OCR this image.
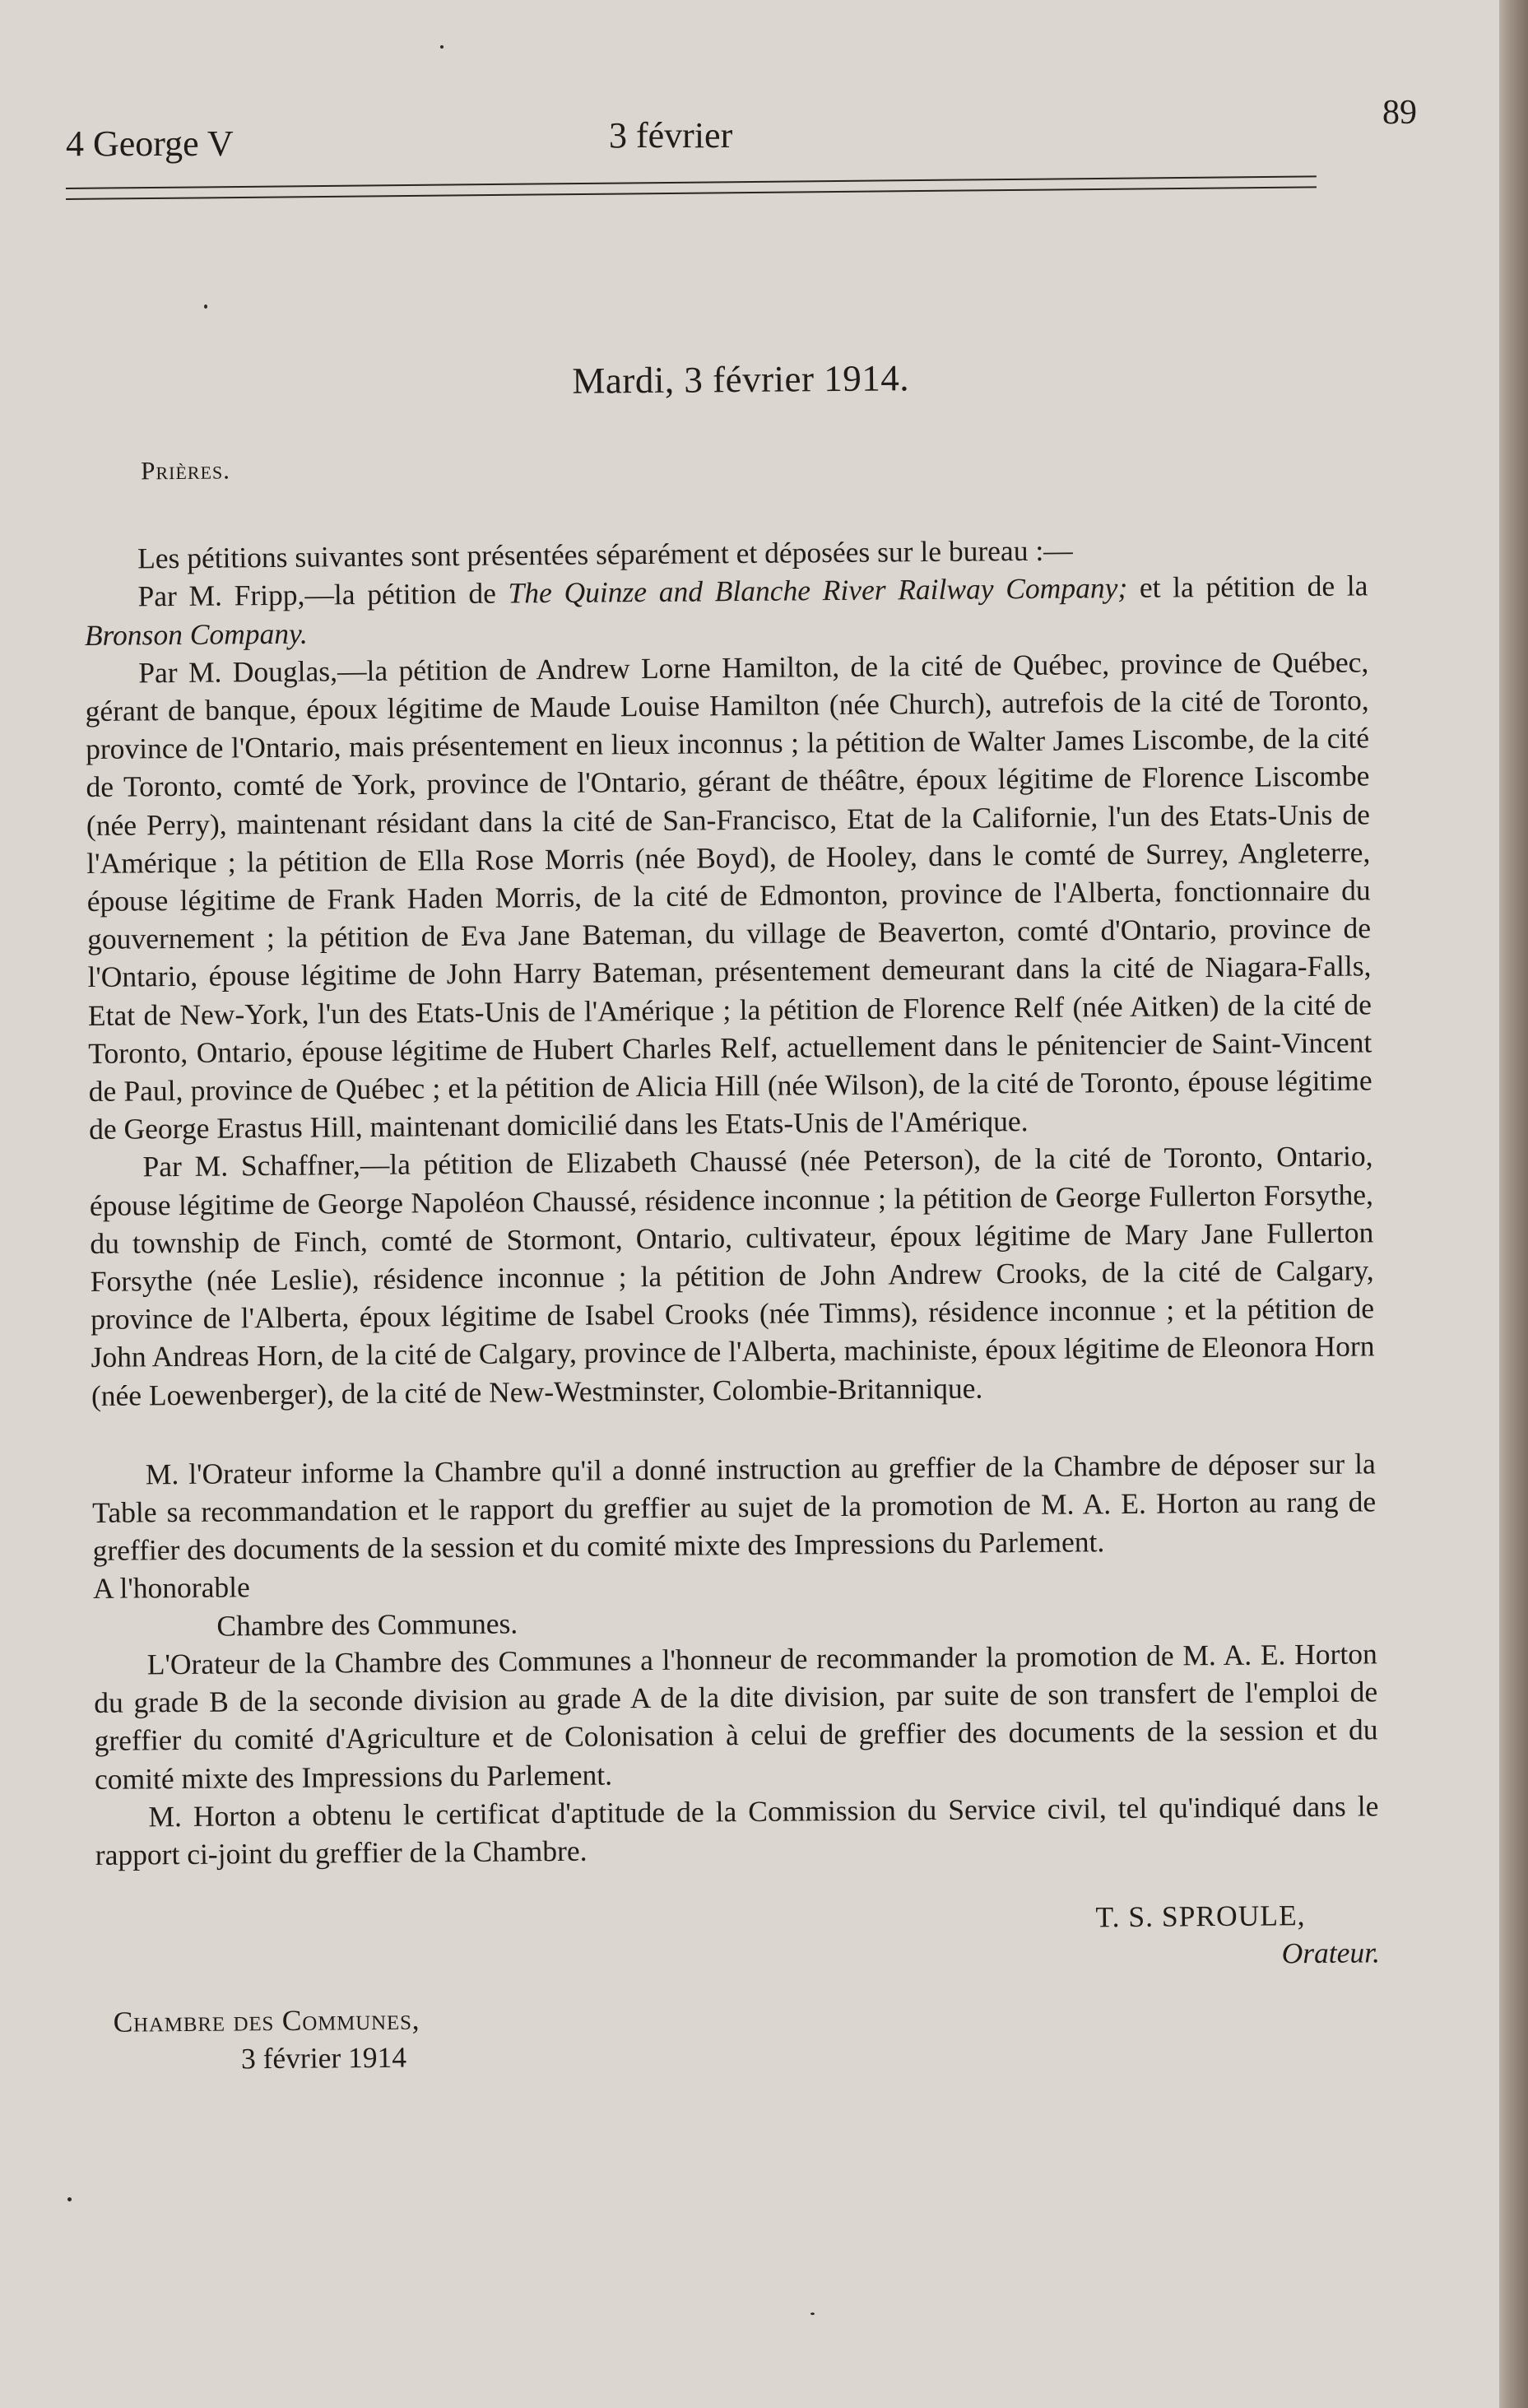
4 George V	3 février
89
Mardi, 3 février 1914.
Prières.

Les pétitions suivantes sont présentées séparément et déposées sur le bureau :—

Par M. Fripp,—la pétition de The Quinze and Blanche River Railway Company; et la pétition de la Bronson Company.

Par M. Douglas,—la pétition de Andrew Lorne Hamilton, de la cité de Québec, province de Québec, gérant de banque, époux légitime de Maude Louise Hamilton (née Church), autrefois de la cité de Toronto, province de l'Ontario, mais présentement en lieux inconnus ; la pétition de Walter James Liscombe, de la cité de Toronto, comté de York, province de l'Ontario, gérant de théâtre, époux légitime de Florence Liscombe (née Perry), maintenant résidant dans la cité de San-Francisco, Etat de la Californie, l'un des Etats-Unis de l'Amérique ; la pétition de Ella Rose Morris (née Boyd), de Hooley, dans le comté de Surrey, Angleterre, épouse légitime de Frank Haden Morris, de la cité de Edmonton, province de l'Alberta, fonctionnaire du gouvernement ; la pétition de Eva Jane Bateman, du village de Beaverton, comté d'Ontario, province de l'Ontario, épouse légitime de John Harry Bateman, présentement demeurant dans la cité de Niagara-Falls, Etat de New-York, l'un des Etats-Unis de l'Amérique ; la pétition de Florence Relf (née Aitken) de la cité de Toronto, Ontario, épouse légitime de Hubert Charles Relf, actuellement dans le pénitencier de Saint-Vincent de Paul, province de Québec ; et la pétition de Alicia Hill (née Wilson), de la cité de Toronto, épouse légitime de George Erastus Hill, maintenant domicilié dans les Etats-Unis de l'Amérique.

Par M. Schaffner,—la pétition de Elizabeth Chaussé (née Peterson), de la cité de Toronto, Ontario, épouse légitime de George Napoléon Chaussé, résidence inconnue ; la pétition de George Fullerton Forsythe, du township de Finch, comté de Stormont, Ontario, cultivateur, époux légitime de Mary Jane Fullerton Forsythe (née Leslie), résidence inconnue ; la pétition de John Andrew Crooks, de la cité de Calgary, province de l'Alberta, époux légitime de Isabel Crooks (née Timms), résidence inconnue ; et la pétition de John Andreas Horn, de la cité de Calgary, province de l'Alberta, machiniste, époux légitime de Eleonora Horn (née Loewenberger), de la cité de New-Westminster, Colombie-Britannique.

M. l'Orateur informe la Chambre qu'il a donné instruction au greffier de la Chambre de déposer sur la Table sa recommandation et le rapport du greffier au sujet de la promotion de M. A. E. Horton au rang de greffier des documents de la session et du comité mixte des Impressions du Parlement.

A l'honorable

Chambre des Communes.

L'Orateur de la Chambre des Communes a l'honneur de recommander la promotion de M. A. E. Horton du grade B de la seconde division au grade A de la dite division, par suite de son transfert de l'emploi de greffier du comité d'Agriculture et de Colonisation à celui de greffier des documents de la session et du comité mixte des Impressions du Parlement.

M. Horton a obtenu le certificat d'aptitude de la Commission du Service civil, tel qu'indiqué dans le rapport ci-joint du greffier de la Chambre.

T. S. SPROULE,

Orateur.

Chambre des Communes,

3 février 1914
